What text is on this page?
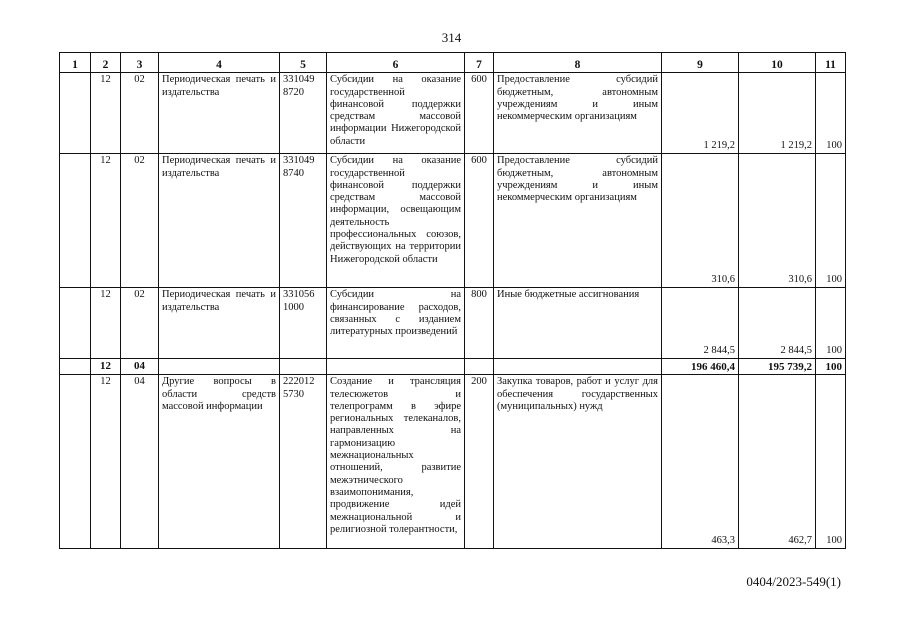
314
1	2	3	4	5	6	7	8	9	10	11
	12	02	Периодическая печать и издательства	331049 8720	Субсидии на оказание государственной финансовой поддержки средствам массовой информации Нижегородской области	600	Предоставление субсидий бюджетным, автономным учреждениям и иным некоммерческим организациям	1 219,2	1 219,2	100
	12	02	Периодическая печать и издательства	331049 8740	Субсидии на оказание государственной финансовой поддержки средствам массовой информации, освещающим деятельность профессиональных союзов, действующих на территории Нижегородской области	600	Предоставление субсидий бюджетным, автономным учреждениям и иным некоммерческим организациям	310,6	310,6	100
	12	02	Периодическая печать и издательства	331056 1000	Субсидии на финансирование расходов, связанных с изданием литературных произведений	800	Иные бюджетные ассигнования	2 844,5	2 844,5	100
	12	04						196 460,4	195 739,2	100
	12	04	Другие вопросы в области средств массовой информации	222012 5730	Создание и трансляция телесюжетов и телепрограмм в эфире региональных телеканалов, направленных на гармонизацию межнациональных отношений, развитие межэтнического взаимопонимания, продвижение идей межнациональной и религиозной толерантности,	200	Закупка товаров, работ и услуг для обеспечения государственных (муниципальных) нужд	463,3	462,7	100
0404/2023-549(1)
